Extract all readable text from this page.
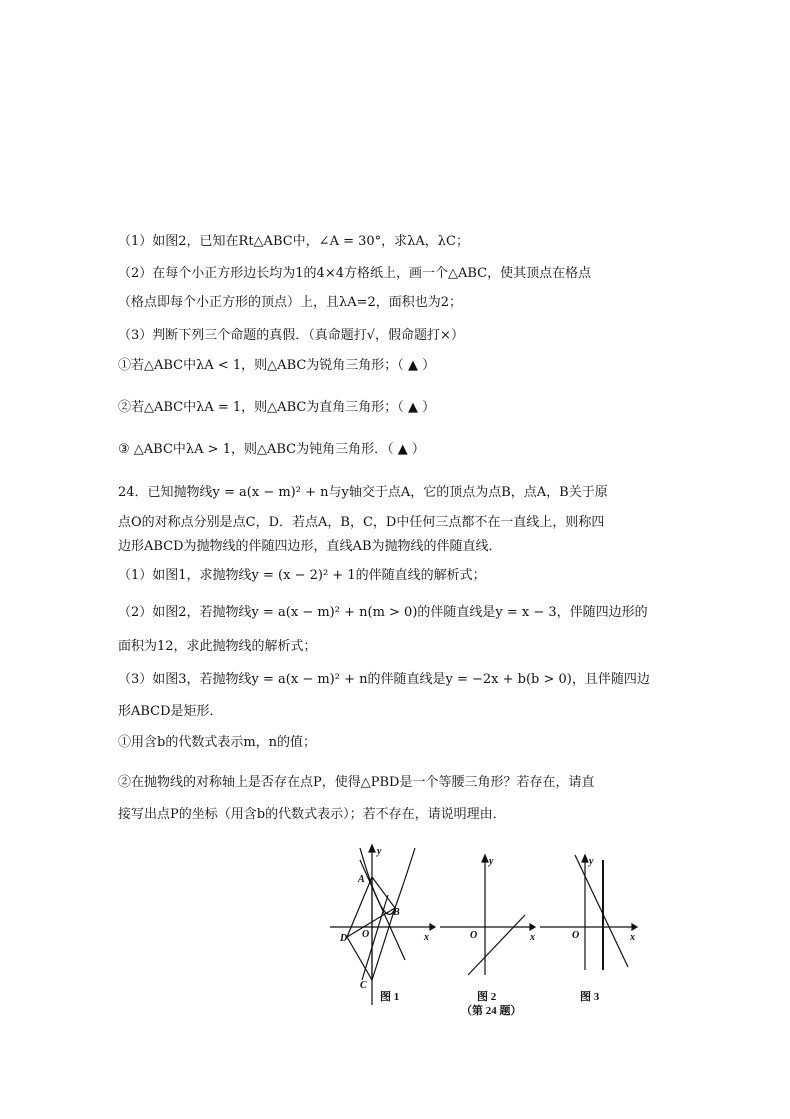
（1）如图2，已知在Rt△ABC中，∠A = 30°，求λA，λC；
（2）在每个小正方形边长均为1的4×4方格纸上，画一个△ABC，使其顶点在格点
（格点即每个小正方形的顶点）上，且λA=2，面积也为2；
（3）判断下列三个命题的真假．（真命题打√，假命题打×）
①若△ABC中λA < 1，则△ABC为锐角三角形；（ ▲ ）
②若△ABC中λA = 1，则△ABC为直角三角形；（ ▲ ）
③ △ABC中λA > 1，则△ABC为钝角三角形．（ ▲ ）
24．已知抛物线y = a(x − m)² + n与y轴交于点A，它的顶点为点B，点A，B关于原
点O的对称点分别是点C，D．若点A，B，C，D中任何三点都不在一直线上，则称四
边形ABCD为抛物线的伴随四边形，直线AB为抛物线的伴随直线．
（1）如图1，求抛物线y = (x − 2)² + 1的伴随直线的解析式；
（2）如图2，若抛物线y = a(x − m)² + n(m > 0)的伴随直线是y = x − 3，伴随四边形的
面积为12，求此抛物线的解析式；
（3）如图3，若抛物线y = a(x − m)² + n的伴随直线是y = −2x + b(b > 0)，且伴随四边
形ABCD是矩形．
①用含b的代数式表示m，n的值；
②在抛物线的对称轴上是否存在点P，使得△PBD是一个等腰三角形？若存在，请直
接写出点P的坐标（用含b的代数式表示）；若不存在，请说明理由．
y
x
O
A
B
C
D
图 1
y
x
O
图 2
（第 24 题）
y
x
O
图 3
